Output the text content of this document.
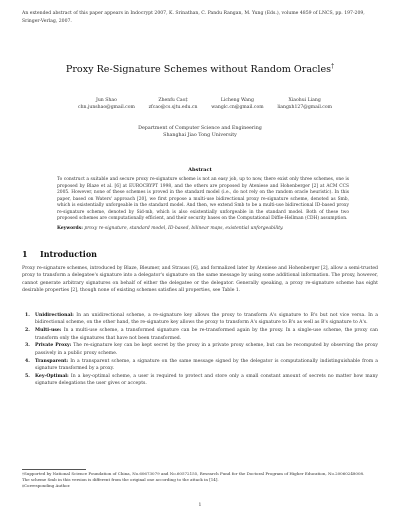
An extended abstract of this paper appears in Indocrypt 2007, K. Srinathan, C. Pandu Rangan, M. Yung (Eds.), volume 4859 of LNCS, pp. 197-209, Sringer-Verlag, 2007.
Proxy Re-Signature Schemes without Random Oracles†
Jun Shao
chn.junshao@gmail.com
Zhenfu Cao‡
zfcao@cs.sjtu.edu.cn
Licheng Wang
wanglc.cn@gmail.com
Xiaohui Liang
liangxh127@gmail.com
Department of Computer Science and Engineering
Shanghai Jiao Tong University
Abstract
To construct a suitable and secure proxy re-signature scheme is not an easy job, up to now, there exist only three schemes, one is proposed by Blaze et al. [6] at EUROCRYPT 1998, and the others are proposed by Ateniese and Hohenberger [2] at ACM CCS 2005. However, none of these schemes is proved in the standard model (i.e., do not rely on the random oracle heuristic). In this paper, based on Waters' approach [20], we first propose a multi-use bidirectional proxy re-signature scheme, denoted as Smb, which is existentially unforgeable in the standard model. And then, we extend Smb to be a multi-use bidirectional ID-based proxy re-signature scheme, denoted by Sid-mb, which is also existentially unforgeable in the standard model. Both of these two proposed schemes are computationally efficient, and their security bases on the Computational Diffie-Hellman (CDH) assumption.
Keywords: proxy re-signature, standard model, ID-based, bilinear maps, existential unforgeability.
1 Introduction
Proxy re-signature schemes, introduced by Blaze, Bleumer, and Strauss [6], and formalized later by Ateniese and Hohenberger [2], allow a semi-trusted proxy to transform a delegatee's signature into a delegator's signature on the same message by using some additional information. The proxy, however, cannot generate arbitrary signatures on behalf of either the delegatee or the delegator. Generally speaking, a proxy re-signature scheme has eight desirable properties [2], though none of existing schemes satisfies all properties, see Table 1.
1. Unidirectional: In an unidirectional scheme, a re-signature key allows the proxy to transform A's signature to B's but not vice versa. In a bidirectional scheme, on the other hand, the re-signature key allows the proxy to transform A's signature to B's as well as B's signature to A's.
2. Multi-use: In a multi-use scheme, a transformed signature can be re-transformed again by the proxy. In a single-use scheme, the proxy can transform only the signatures that have not been transformed.
3. Private Proxy: The re-signature key can be kept secret by the proxy in a private proxy scheme, but can be recomputed by observing the proxy passively in a public proxy scheme.
4. Transparent: In a transparent scheme, a signature on the same message signed by the delegator is computationally indistinguishable from a signature transformed by a proxy.
5. Key-Optimal: In a key-optimal scheme, a user is required to protect and store only a small constant amount of secrets no matter how many signature delegations the user gives or accepts.
†Supported by National Science Foundation of China, No.60673079 and No.60572155, Research Fund for the Doctoral Program of Higher Education, No.20060248008.
The scheme Smb in this version is different from the original one according to the attack in [14].
‡Corresponding Author.
1
